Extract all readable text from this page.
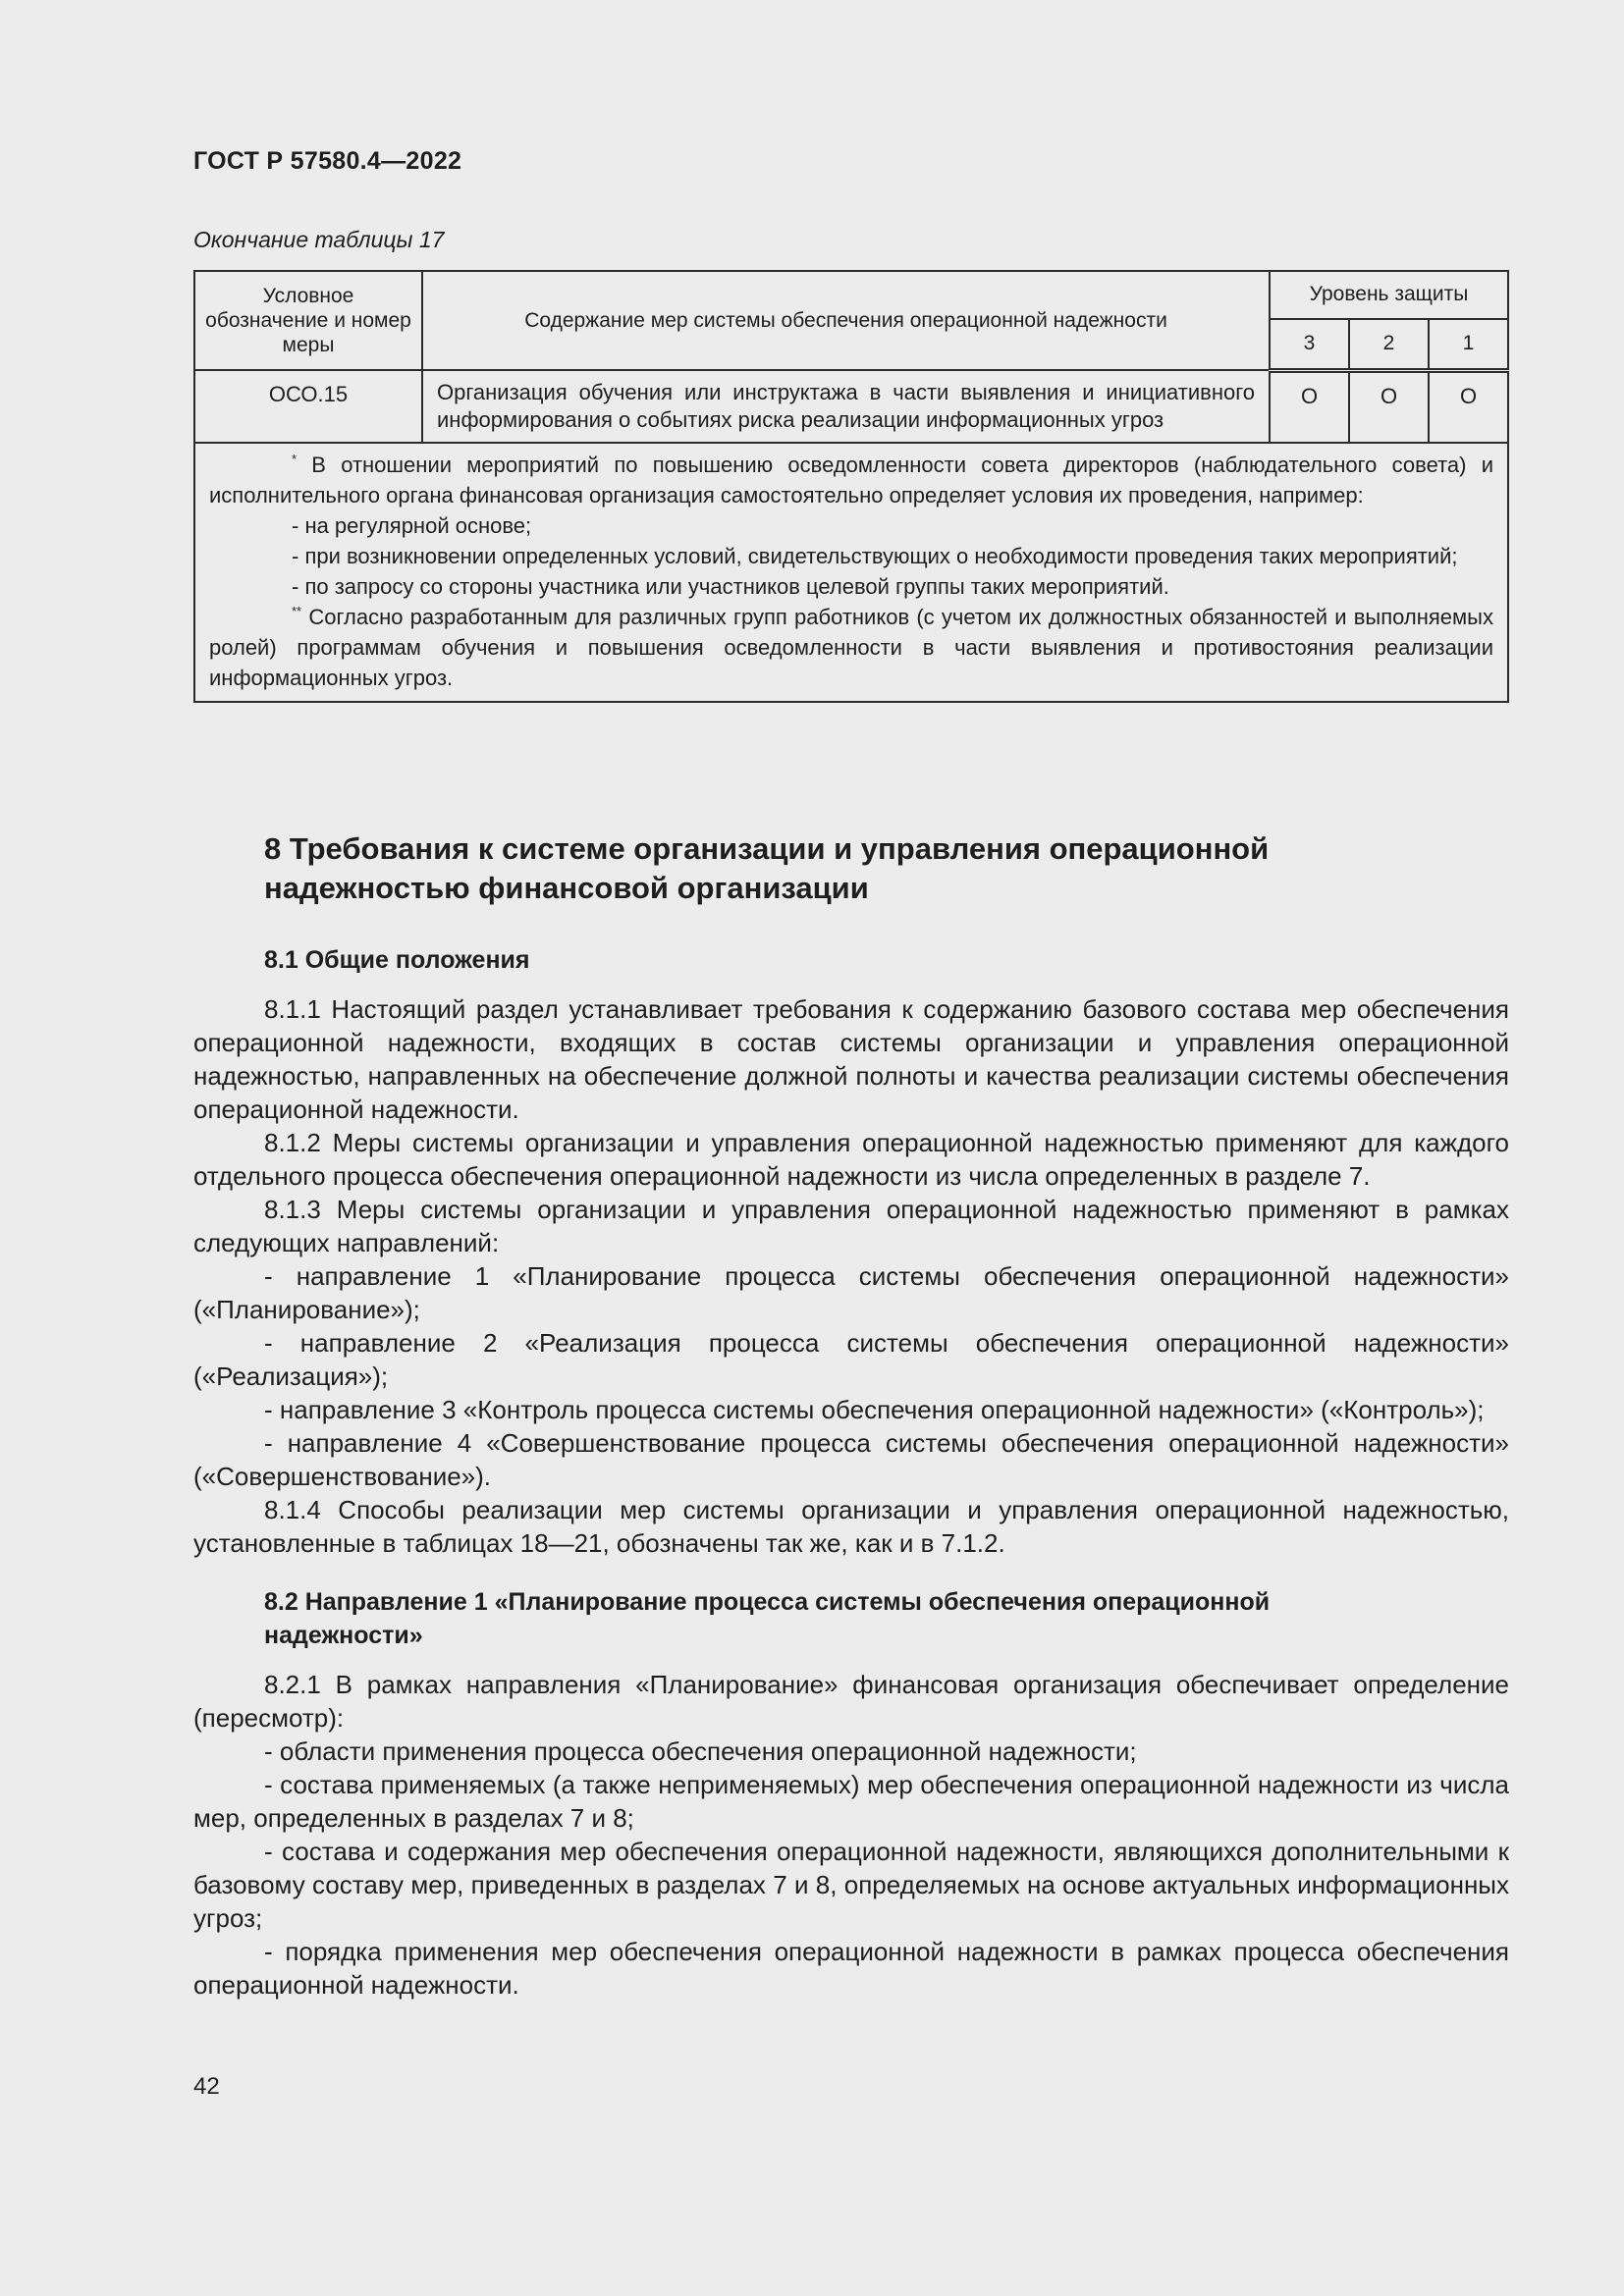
ГОСТ Р 57580.4—2022
Окончание таблицы 17
Условное обозначение и номер меры	Содержание мер системы обеспечения операционной надежности	Уровень защиты		
		3	2	1
ОСО.15	Организация обучения или инструктажа в части выявления и инициативного информирования о событиях риска реализации информационных угроз	О	О	О

* В отношении мероприятий по повышению осведомленности совета директоров (наблюдательного совета) и исполнительного органа финансовая организация самостоятельно определяет условия их проведения, например:
- на регулярной основе;
- при возникновении определенных условий, свидетельствующих о необходимости проведения таких мероприятий;
- по запросу со стороны участника или участников целевой группы таких мероприятий.
** Согласно разработанным для различных групп работников (с учетом их должностных обязанностей и выполняемых ролей) программам обучения и повышения осведомленности в части выявления и противостояния реализации информационных угроз.				
8 Требования к системе организации и управления операционной
надежностью финансовой организации
8.1 Общие положения

8.1.1 Настоящий раздел устанавливает требования к содержанию базового состава мер обеспечения операционной надежности, входящих в состав системы организации и управления операционной надежностью, направленных на обеспечение должной полноты и качества реализации системы обеспечения операционной надежности.

8.1.2 Меры системы организации и управления операционной надежностью применяют для каждого отдельного процесса обеспечения операционной надежности из числа определенных в разделе 7.

8.1.3 Меры системы организации и управления операционной надежностью применяют в рамках следующих направлений:

- направление 1 «Планирование процесса системы обеспечения операционной надежности» («Планирование»);

- направление 2 «Реализация процесса системы обеспечения операционной надежности» («Реализация»);

- направление 3 «Контроль процесса системы обеспечения операционной надежности» («Контроль»);

- направление 4 «Совершенствование процесса системы обеспечения операционной надежности» («Совершенствование»).

8.1.4 Способы реализации мер системы организации и управления операционной надежностью, установленные в таблицах 18—21, обозначены так же, как и в 7.1.2.

8.2 Направление 1 «Планирование процесса системы обеспечения операционной
надежности»

8.2.1 В рамках направления «Планирование» финансовая организация обеспечивает определение (пересмотр):

- области применения процесса обеспечения операционной надежности;

- состава применяемых (а также неприменяемых) мер обеспечения операционной надежности из числа мер, определенных в разделах 7 и 8;

- состава и содержания мер обеспечения операционной надежности, являющихся дополнительными к базовому составу мер, приведенных в разделах 7 и 8, определяемых на основе актуальных информационных угроз;

- порядка применения мер обеспечения операционной надежности в рамках процесса обеспечения операционной надежности.

42
